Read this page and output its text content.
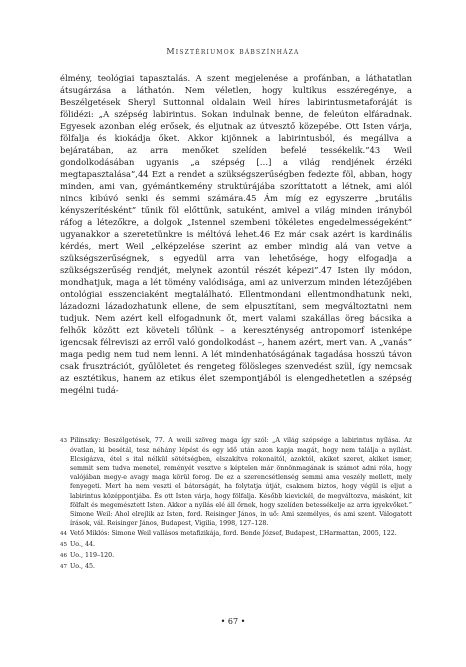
Misztériumok bábszínháza

élmény, teológiai tapasztalás. A szent megjelenése a profánban, a láthatatlan átsugárzása a láthatón. Nem véletlen, hogy kultikus esszéregénye, a Beszélgetések Sheryl Suttonnal oldalain Weil híres labirintusmetaforáját is fölidézi: „A szépség labirintus. Sokan indulnak benne, de feleúton elfáradnak. Egyesek azonban elég erősek, és eljutnak az útvesztő közepébe. Ott Isten várja, fölfalja és kiokádja őket. Akkor kijönnek a labirintusból, és megállva a bejáratában, az arra menőket szelíden befelé tessékelik.”43 Weil gondolkodásában ugyanis „a szépség […] a világ rendjének érzéki megtapasztalása”,44 Ezt a rendet a szükségszerűségben fedezte föl, abban, hogy minden, ami van, gyémántkemény struktúrájába szoríttatott a létnek, ami alól nincs kibúvó senki és semmi számára.45 Ám míg ez egyszerre „brutális kényszerítésként” tűnik föl előttünk, satuként, amivel a világ minden irányból ráfog a létezőkre, a dolgok „Istennel szembeni tökéletes engedelmességeként” ugyanakkor a szeretetünkre is méltóvá lehet.46 Ez már csak azért is kardinális kérdés, mert Weil „elképzelése szerint az ember mindig alá van vetve a szükségszerűségnek, s egyedül arra van lehetősége, hogy elfogadja a szükségszerűség rendjét, melynek azontúl részét képezi”.47 Isten ily módon, mondhatjuk, maga a lét tömény valódisága, ami az univerzum minden létezőjében ontológiai esszenciaként megtalálható. Ellentmondani ellentmondhatunk neki, lázadozni lázadozhatunk ellene, de sem elpusztítani, sem megváltoztatni nem tudjuk. Nem azért kell elfogadnunk őt, mert valami szakállas öreg bácsika a felhők között ezt követeli tőlünk – a kereszténység antropomorf istenképe igencsak félreviszi az erről való gondolkodást –, hanem azért, mert van. A „vanás” maga pedig nem tud nem lenni. A lét mindenhatóságának tagadása hosszú távon csak frusztrációt, gyűlöletet és rengeteg fölösleges szenvedést szül, így nemcsak az esztétikus, hanem az etikus élet szempontjából is elengedhetetlen a szépség megélni tudá-

43 Pilinszky: Beszélgetések, 77. A weili szöveg maga így szól: „A világ szépsége a labirintus nyílása. Az óvatlan, ki besétál, tesz néhány lépést és egy idő után azon kapja magát, hogy nem találja a nyílást. Elcsigázva, étel s ital nélkül sötétségben, elszakítva rokonaitól, azoktól, akiket szeret, akiket ismer, semmit sem tudva menetel, reményét vesztve s képtelen már önnönmagának is számot adni róla, hogy valójában megy-e avagy maga körül forog. De ez a szerencsétlenség semmi ama veszély mellett, mely fenyegeti. Mert ha nem veszti el bátorságát, ha folytatja útját, csaknem biztos, hogy végül is eljut a labirintus középpontjába. És ott Isten várja, hogy fölfalja. Később kievickél, de megváltozva, másként, kit fölfalt és megemésztett Isten. Akkor a nyílás elé áll őrnek, hogy szelíden betessékelje az arra igyekvőket.” Simone Weil: Ahol elrejlik az Isten, ford. Reisinger János, in uő: Ami személyes, és ami szent. Válogatott írások, vál. Reisinger János, Budapest, Vigilia, 1998, 127–128.
44 Vető Miklós: Simone Weil vallásos metafizikája, ford. Bende József, Budapest, L’Harmattan, 2005, 122.
45 Uo., 44.
46 Uo., 119–120.
47 Uo., 45.
• 67 •
